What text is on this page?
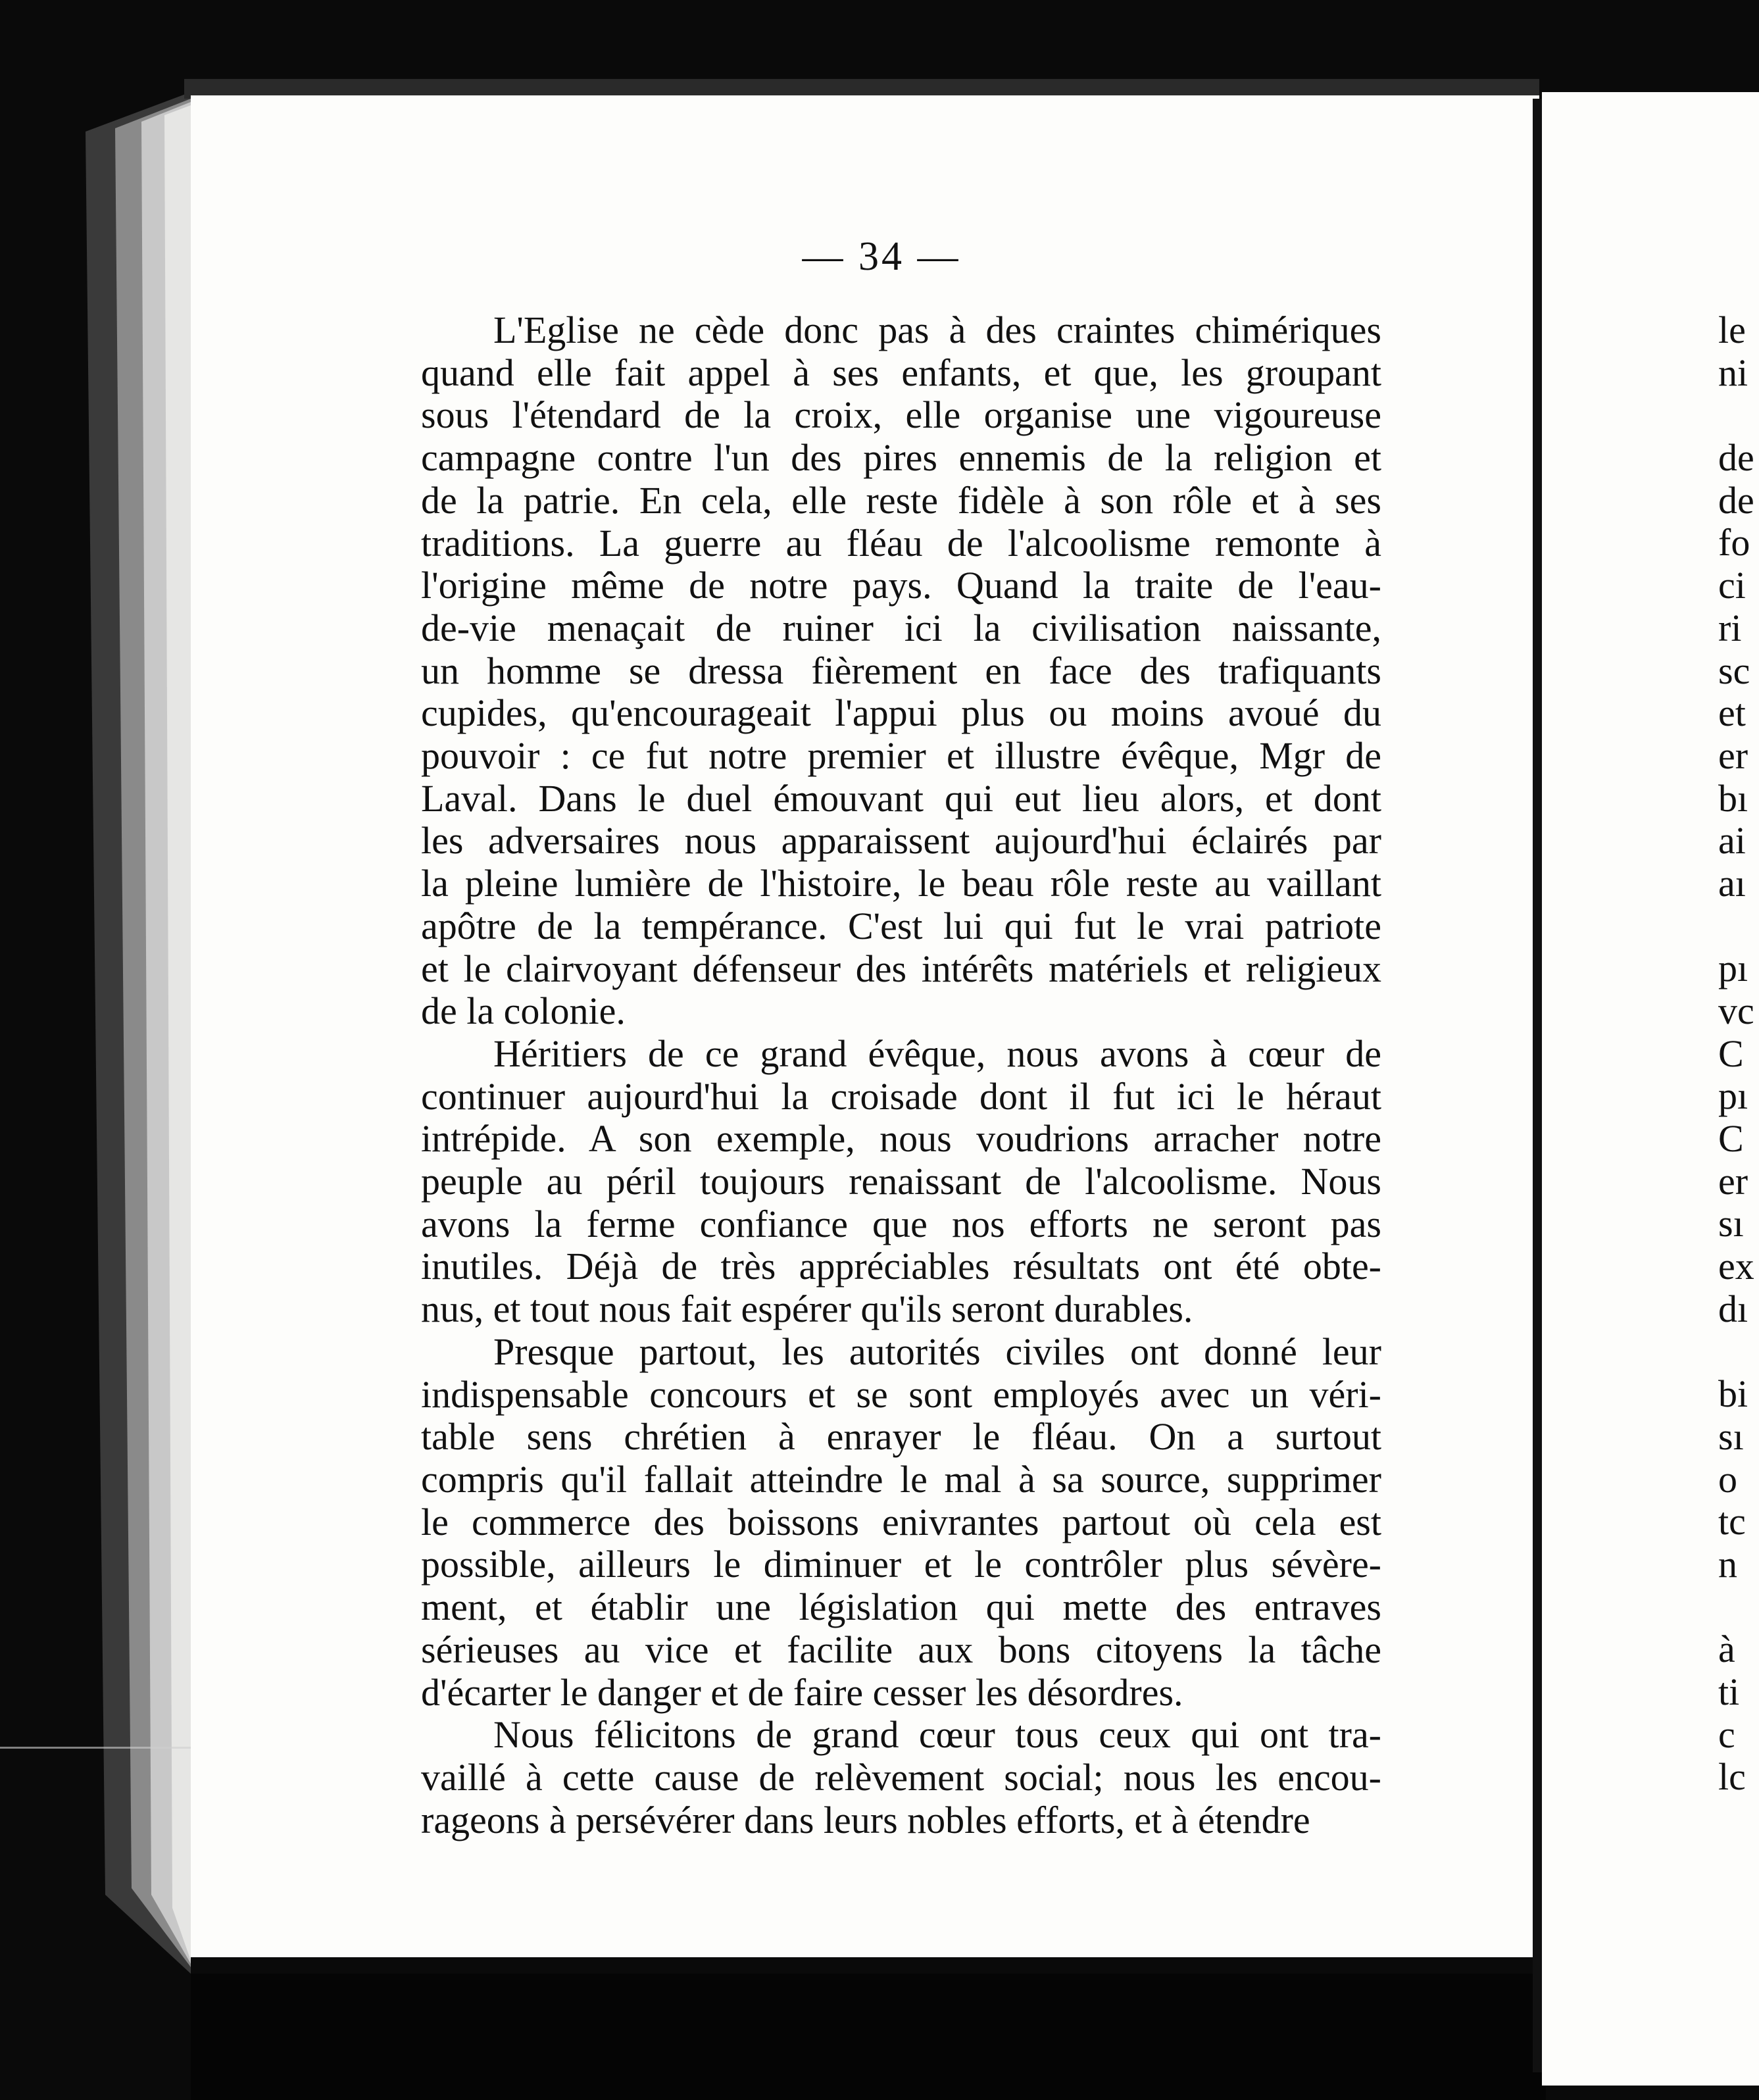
— 34 —

L'Eglise ne cède donc pas à des craintes chimériques
quand elle fait appel à ses enfants, et que, les groupant
sous l'étendard de la croix, elle organise une vigoureuse
campagne contre l'un des pires ennemis de la religion et
de la patrie. En cela, elle reste fidèle à son rôle et à ses
traditions. La guerre au fléau de l'alcoolisme remonte à
l'origine même de notre pays. Quand la traite de l'eau-
de-vie menaçait de ruiner ici la civilisation naissante,
un homme se dressa fièrement en face des trafiquants
cupides, qu'encourageait l'appui plus ou moins avoué du
pouvoir : ce fut notre premier et illustre évêque, Mgr de
Laval. Dans le duel émouvant qui eut lieu alors, et dont
les adversaires nous apparaissent aujourd'hui éclairés par
la pleine lumière de l'histoire, le beau rôle reste au vaillant
apôtre de la tempérance. C'est lui qui fut le vrai patriote
et le clairvoyant défenseur des intérêts matériels et religieux
de la colonie.

Héritiers de ce grand évêque, nous avons à cœur de
continuer aujourd'hui la croisade dont il fut ici le héraut
intrépide. A son exemple, nous voudrions arracher notre
peuple au péril toujours renaissant de l'alcoolisme. Nous
avons la ferme confiance que nos efforts ne seront pas
inutiles. Déjà de très appréciables résultats ont été obte-
nus, et tout nous fait espérer qu'ils seront durables.

Presque partout, les autorités civiles ont donné leur
indispensable concours et se sont employés avec un véri-
table sens chrétien à enrayer le fléau. On a surtout
compris qu'il fallait atteindre le mal à sa source, supprimer
le commerce des boissons enivrantes partout où cela est
possible, ailleurs le diminuer et le contrôler plus sévère-
ment, et établir une législation qui mette des entraves
sérieuses au vice et facilite aux bons citoyens la tâche
d'écarter le danger et de faire cesser les désordres.

Nous félicitons de grand cœur tous ceux qui ont tra-
vaillé à cette cause de relèvement social; nous les encou-
rageons à persévérer dans leurs nobles efforts, et à étendre

le
ni
de
de
fo
ci
ri
sc
et
er
bı
ai
aı
pı
vc
C
pı
C
er
sı
ex
dı
bi
sı
o
tc
n
à
ti
c
lc
